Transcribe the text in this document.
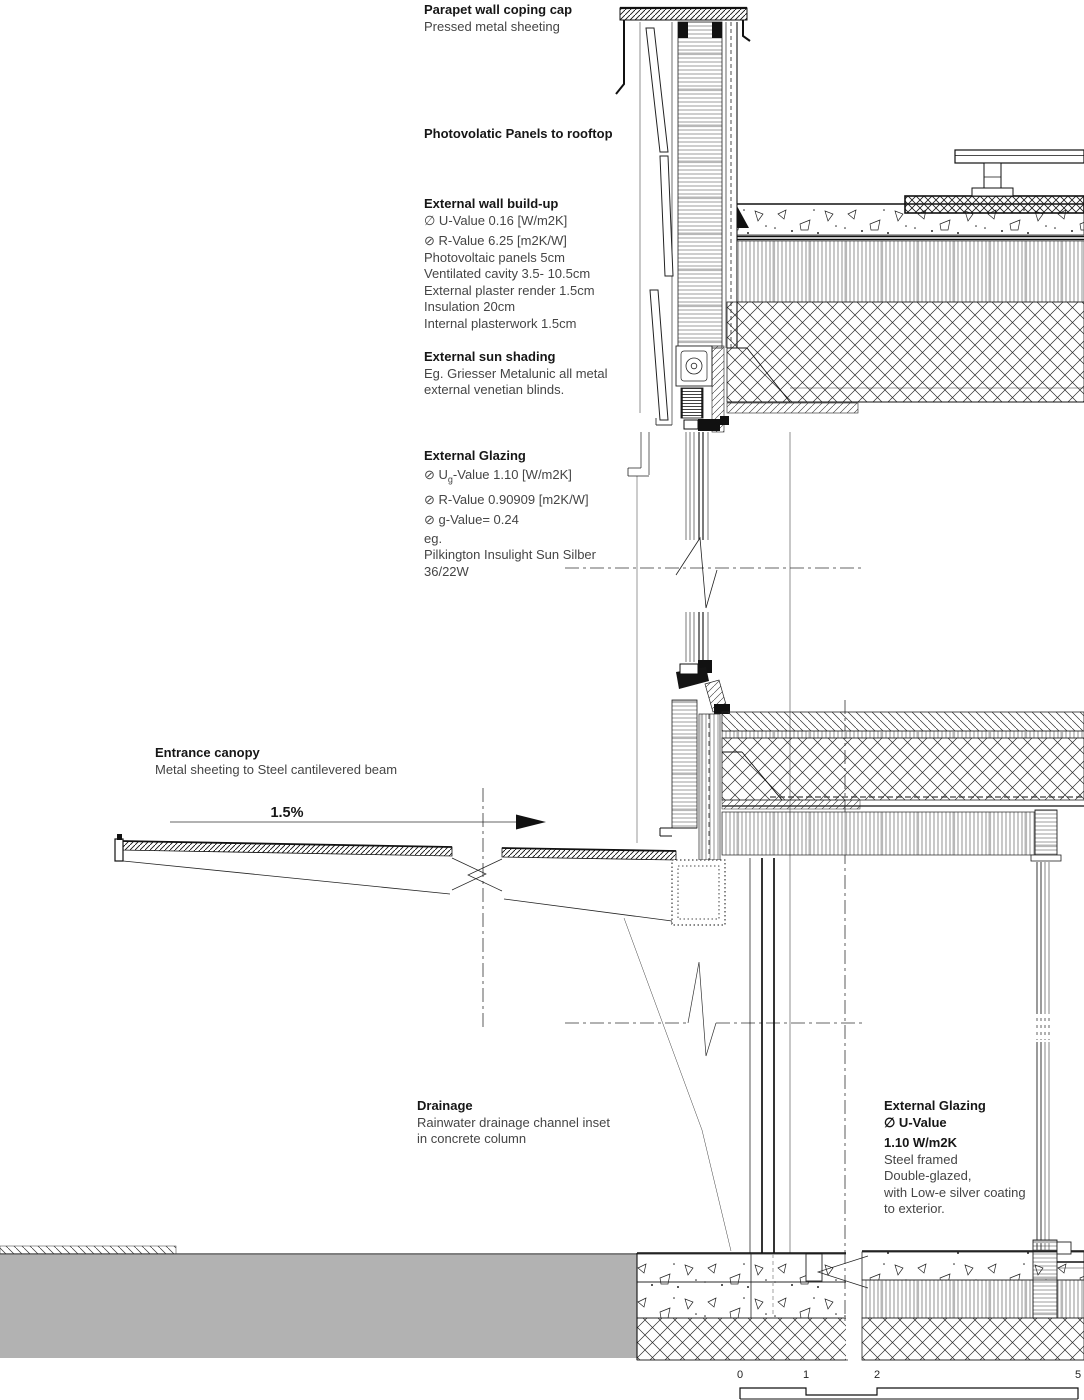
1.5%
0	1	2	5
Parapet wall coping cap
Pressed metal sheeting
Photovolatic Panels to rooftop
External wall build-up
∅ U-Value 0.16 [W/m2K]
⊘ R-Value 6.25 [m2K/W]
Photovoltaic panels 5cm
Ventilated cavity 3.5- 10.5cm
External plaster render 1.5cm
Insulation 20cm
Internal plasterwork 1.5cm
External sun shading
Eg. Griesser Metalunic all metal
external venetian blinds.
External Glazing
⊘ $U_g$-Value 1.10 [W/m2K]
⊘ R-Value 0.90909 [m2K/W]
⊘ g-Value= 0.24
eg.
Pilkington Insulight Sun Silber
36/22W
Entrance canopy
Metal sheeting to Steel cantilevered beam
Drainage
Rainwater drainage channel inset
in concrete column
External Glazing
∅ U-Value
1.10 W/m2K
Steel framed
Double-glazed,
with Low-e silver coating
to exterior.
